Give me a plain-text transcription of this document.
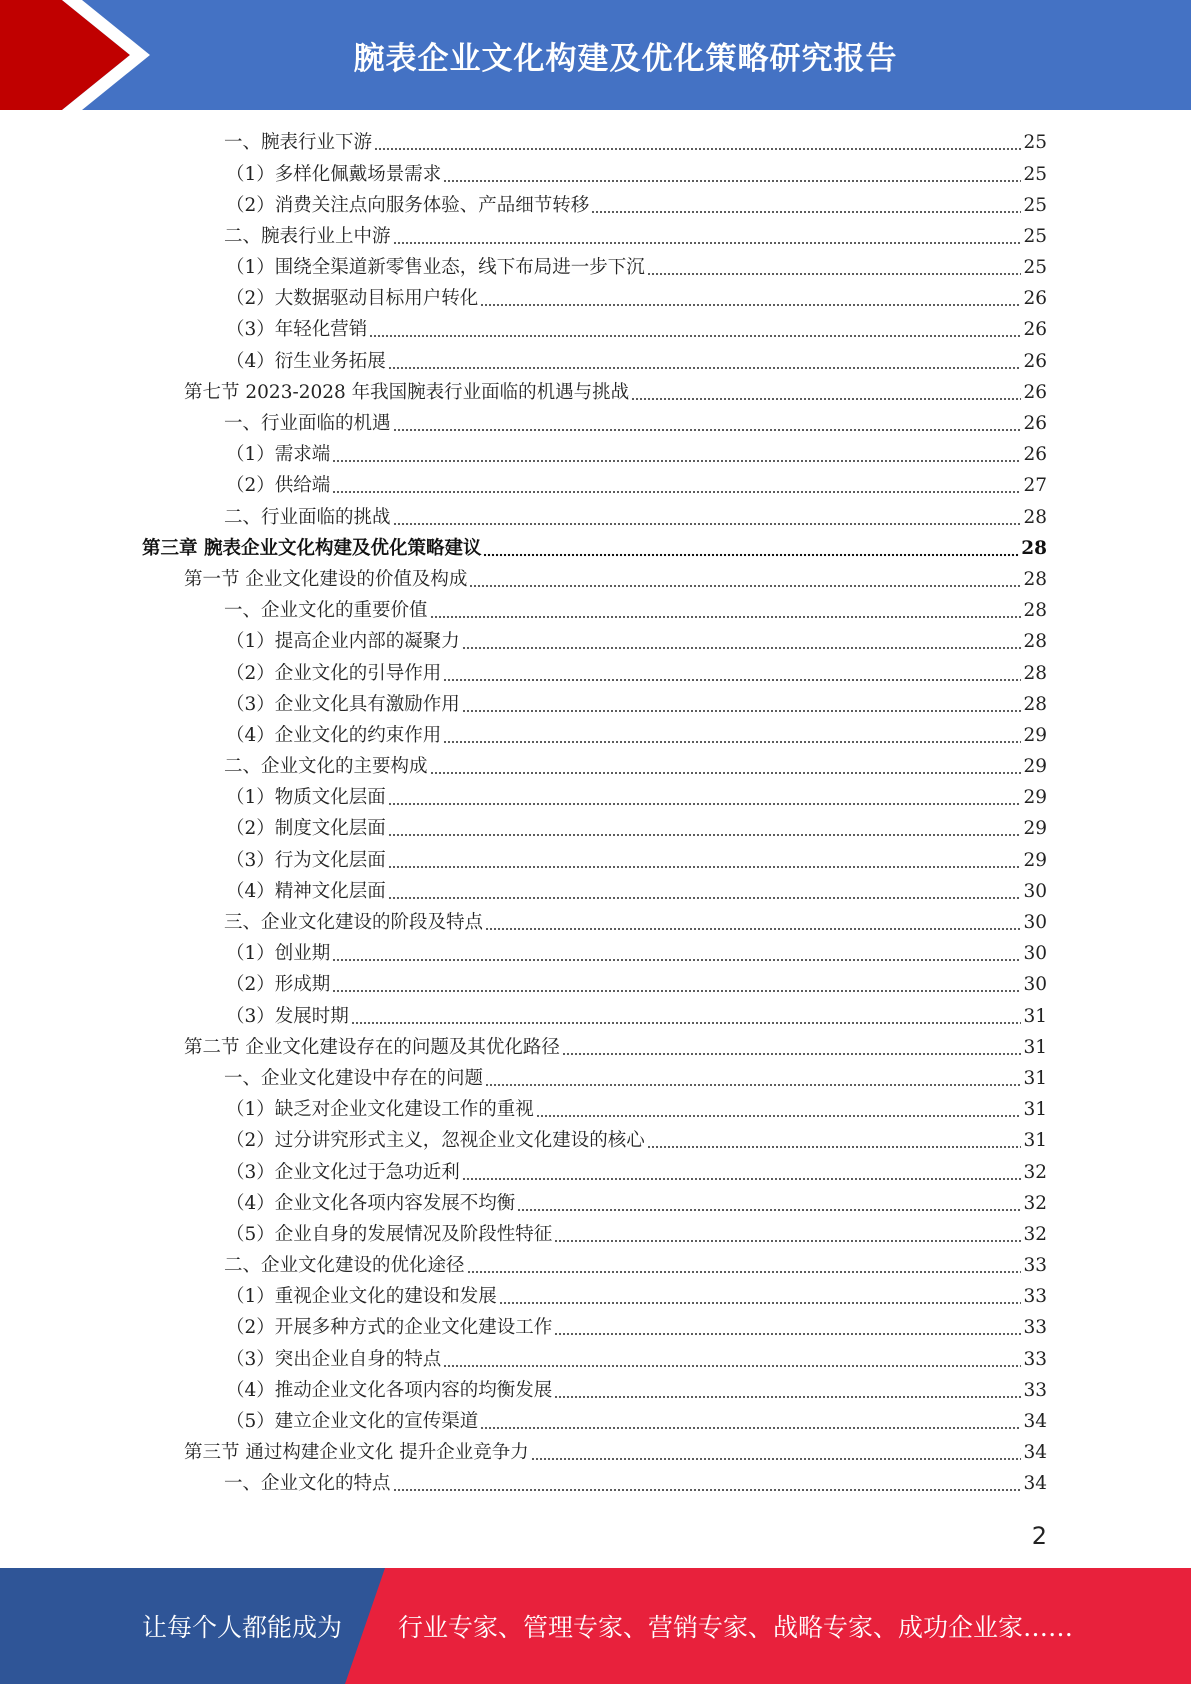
腕表企业文化构建及优化策略研究报告
一、腕表行业下游	25
（1）多样化佩戴场景需求	25
（2）消费关注点向服务体验、产品细节转移	25
二、腕表行业上中游	25
（1）围绕全渠道新零售业态，线下布局进一步下沉	25
（2）大数据驱动目标用户转化	26
（3）年轻化营销	26
（4）衍生业务拓展	26
第七节 2023-2028 年我国腕表行业面临的机遇与挑战	26
一、行业面临的机遇	26
（1）需求端	26
（2）供给端	27
二、行业面临的挑战	28
第三章 腕表企业文化构建及优化策略建议	28
第一节 企业文化建设的价值及构成	28
一、企业文化的重要价值	28
（1）提高企业内部的凝聚力	28
（2）企业文化的引导作用	28
（3）企业文化具有激励作用	28
（4）企业文化的约束作用	29
二、企业文化的主要构成	29
（1）物质文化层面	29
（2）制度文化层面	29
（3）行为文化层面	29
（4）精神文化层面	30
三、企业文化建设的阶段及特点	30
（1）创业期	30
（2）形成期	30
（3）发展时期	31
第二节 企业文化建设存在的问题及其优化路径	31
一、企业文化建设中存在的问题	31
（1）缺乏对企业文化建设工作的重视	31
（2）过分讲究形式主义，忽视企业文化建设的核心	31
（3）企业文化过于急功近利	32
（4）企业文化各项内容发展不均衡	32
（5）企业自身的发展情况及阶段性特征	32
二、企业文化建设的优化途径	33
（1）重视企业文化的建设和发展	33
（2）开展多种方式的企业文化建设工作	33
（3）突出企业自身的特点	33
（4）推动企业文化各项内容的均衡发展	33
（5）建立企业文化的宣传渠道	34
第三节 通过构建企业文化 提升企业竞争力	34
一、企业文化的特点	34
2
让每个人都能成为 行业专家、管理专家、营销专家、战略专家、成功企业家……
